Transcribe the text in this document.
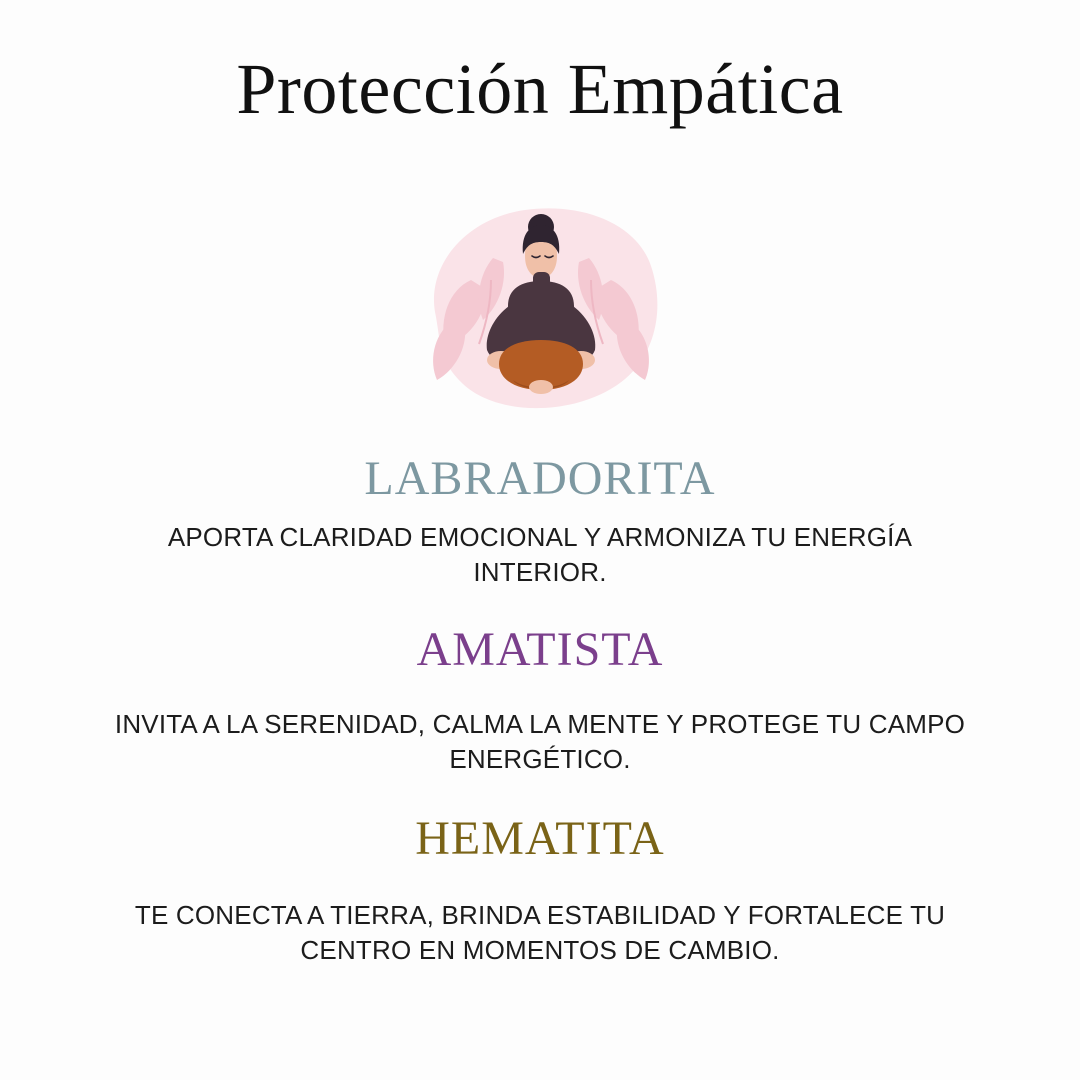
Protección Empática
LABRADORITA
APORTA CLARIDAD EMOCIONAL Y ARMONIZA TU ENERGÍA INTERIOR.
AMATISTA
INVITA A LA SERENIDAD, CALMA LA MENTE Y PROTEGE TU CAMPO ENERGÉTICO.
HEMATITA
TE CONECTA A TIERRA, BRINDA ESTABILIDAD Y FORTALECE TU CENTRO EN MOMENTOS DE CAMBIO.
